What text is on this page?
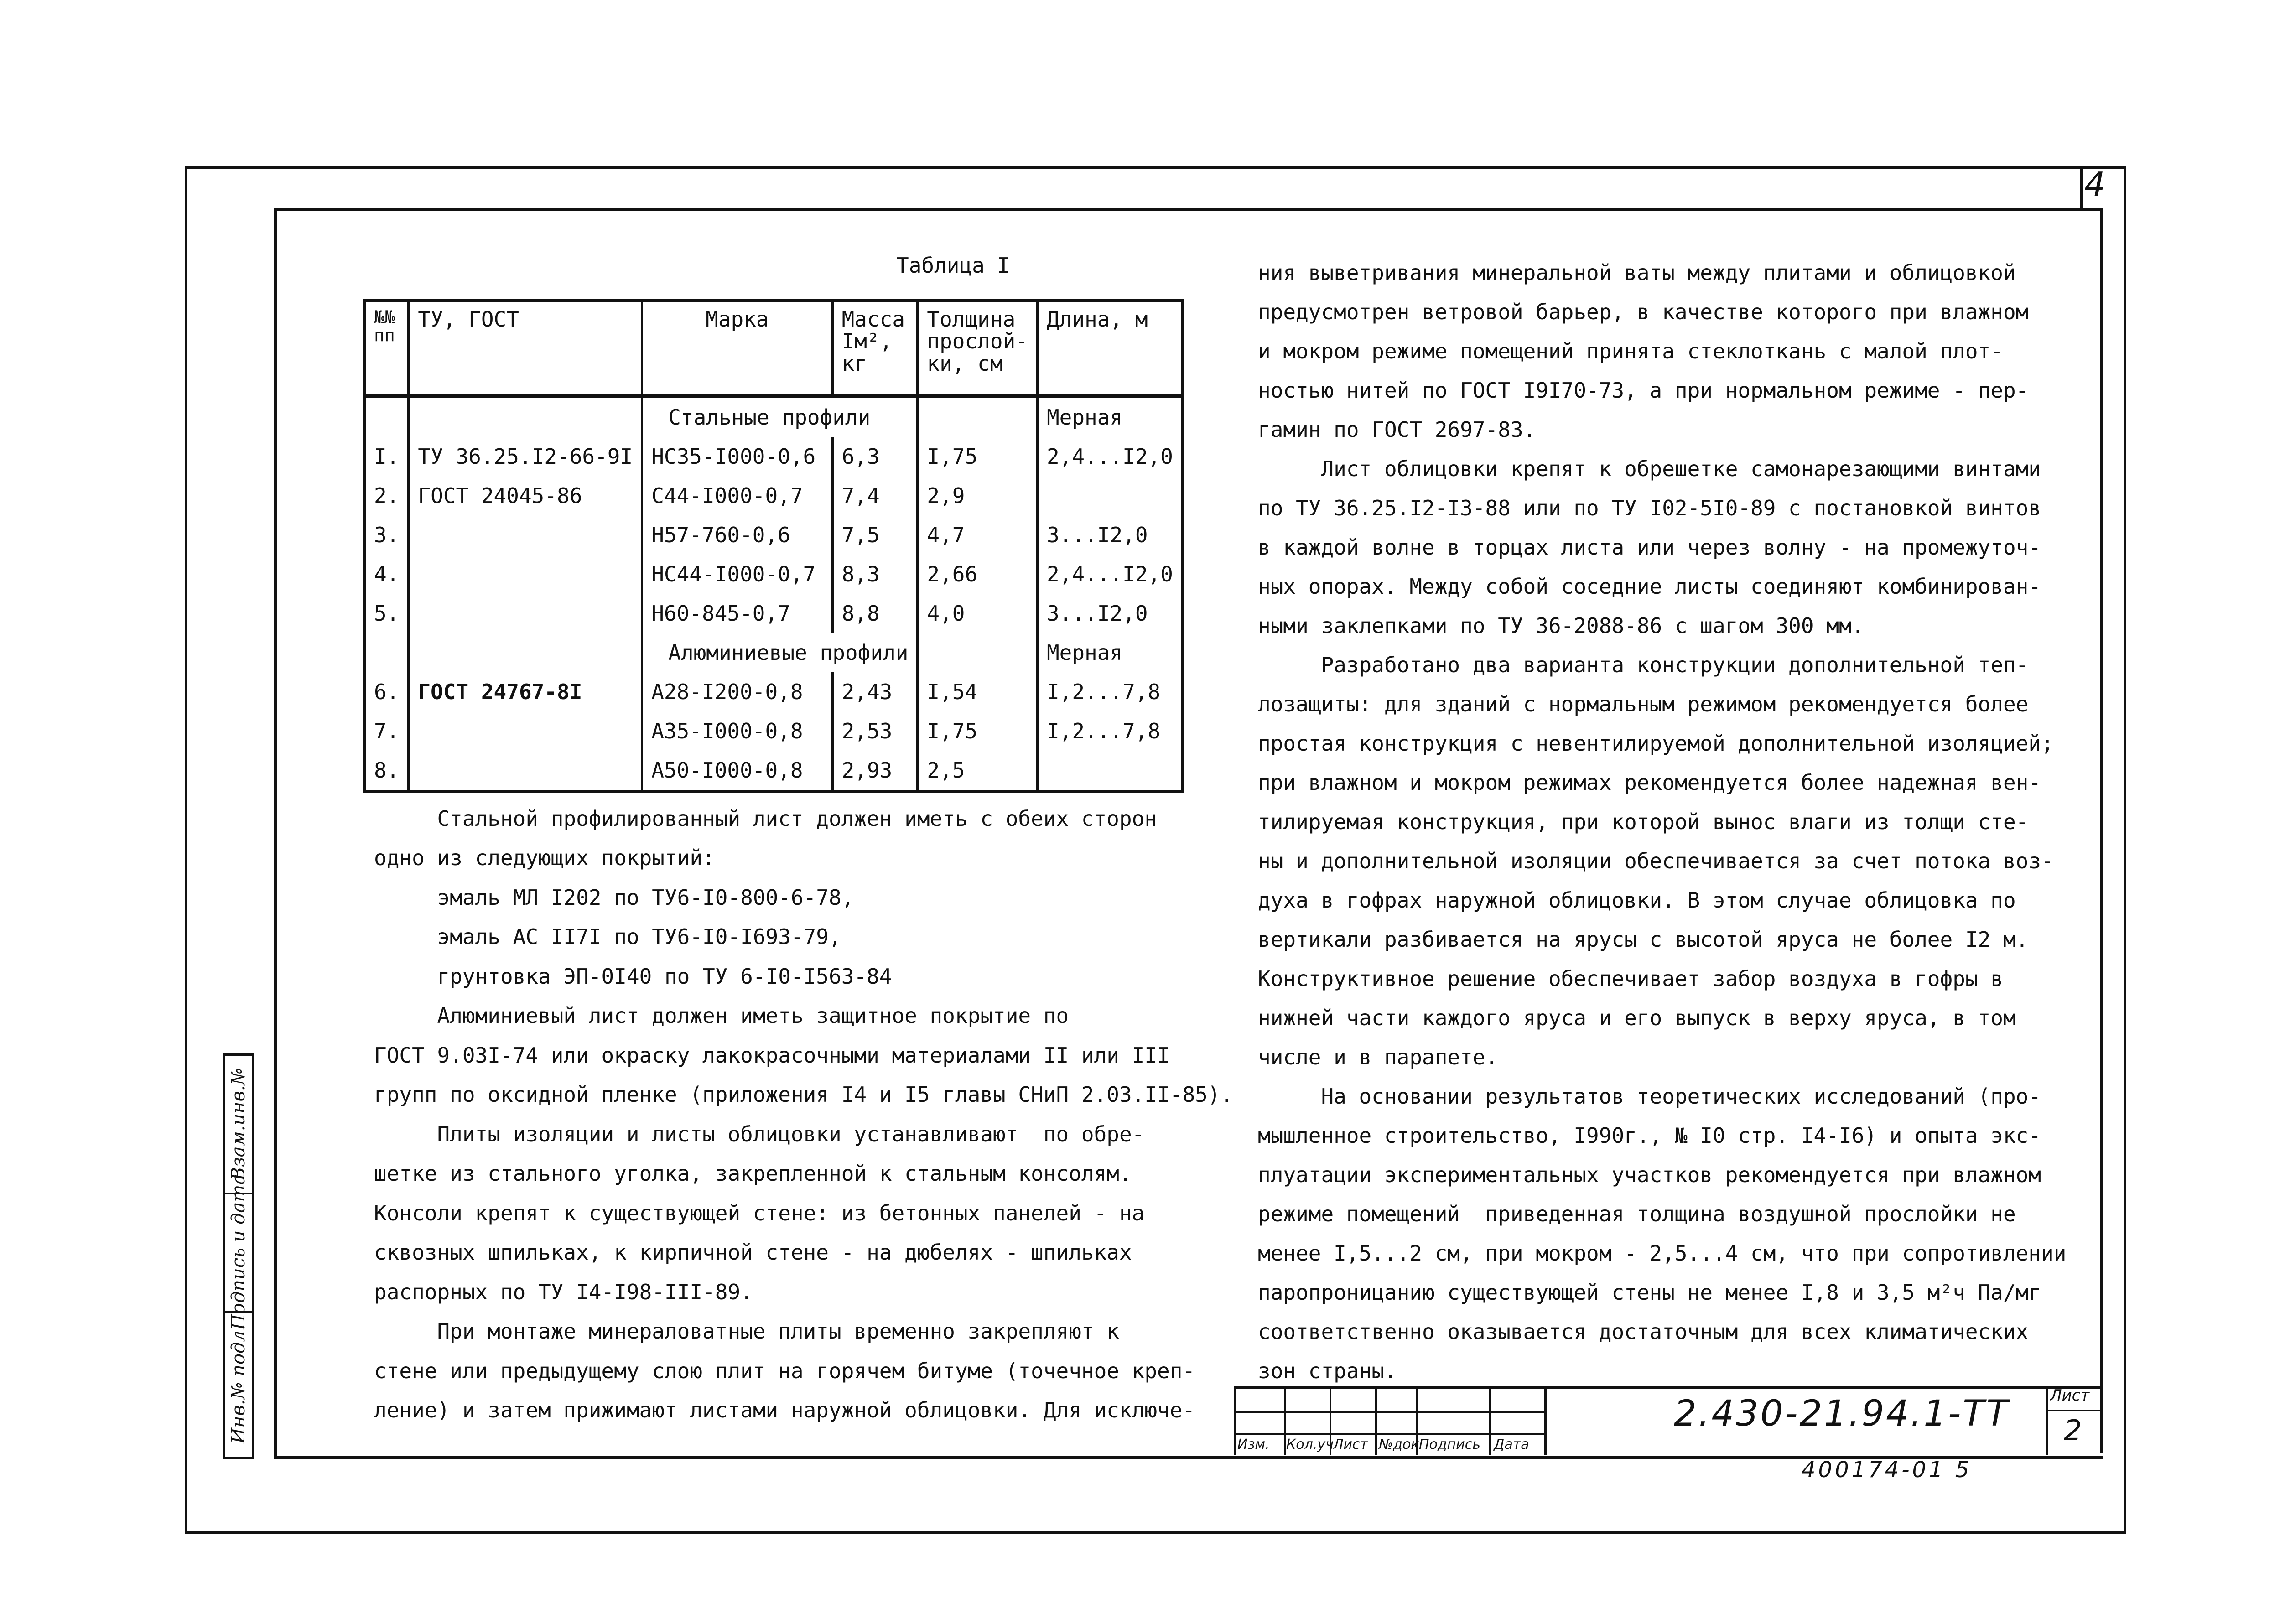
4
Инв.№ подл.
Подпись и дата
Взам.инв.№
Таблица I
№№ пп	ТУ, ГОСТ	Марка	Масса Iм², кг	Толщина прослой-ки, см	Длина, м
		Стальные профили			Мерная
I.	ТУ 36.25.I2-66-9I	НС35-I000-0,6	6,3	I,75	2,4...I2,0
2.	ГОСТ 24045-86	С44-I000-0,7	7,4	2,9	
3.		Н57-760-0,6	7,5	4,7	3...I2,0
4.		НС44-I000-0,7	8,3	2,66	2,4...I2,0
5.		Н60-845-0,7	8,8	4,0	3...I2,0
		Алюминиевые профили			Мерная
6.	ГОСТ 24767-8I	А28-I200-0,8	2,43	I,54	I,2...7,8
7.		А35-I000-0,8	2,53	I,75	I,2...7,8
8.		А50-I000-0,8	2,93	2,5	

Стальной профилированный лист должен иметь с обеих сторон

одно из следующих покрытий:

эмаль МЛ I202 по ТУ6-I0-800-6-78,

эмаль АС II7I по ТУ6-I0-I693-79,

грунтовка ЭП-0I40 по ТУ 6-I0-I563-84

Алюминиевый лист должен иметь защитное покрытие по

ГОСТ 9.03I-74 или окраску лакокрасочными материалами II или III

групп по оксидной пленке (приложения I4 и I5 главы СНиП 2.03.II-85).

Плиты изоляции и листы облицовки устанавливают  по обре-

шетке из стального уголка, закрепленной к стальным консолям.

Консоли крепят к существующей стене: из бетонных панелей - на

сквозных шпильках, к кирпичной стене - на дюбелях - шпильках

распорных по ТУ I4-I98-III-89.

При монтаже минераловатные плиты временно закрепляют к

стене или предыдущему слою плит на горячем битуме (точечное креп-

ление) и затем прижимают листами наружной облицовки. Для исключе-

ния выветривания минеральной ваты между плитами и облицовкой

предусмотрен ветровой барьер, в качестве которого при влажном

и мокром режиме помещений принята стеклоткань с малой плот-

ностью нитей по ГОСТ I9I70-73, а при нормальном режиме - пер-

гамин по ГОСТ 2697-83.

Лист облицовки крепят к обрешетке самонарезающими винтами

по ТУ 36.25.I2-I3-88 или по ТУ I02-5I0-89 с постановкой винтов

в каждой волне в торцах листа или через волну - на промежуточ-

ных опорах. Между собой соседние листы соединяют комбинирован-

ными заклепками по ТУ 36-2088-86 с шагом 300 мм.

Разработано два варианта конструкции дополнительной теп-

лозащиты: для зданий с нормальным режимом рекомендуется более

простая конструкция с невентилируемой дополнительной изоляцией;

при влажном и мокром режимах рекомендуется более надежная вен-

тилируемая конструкция, при которой вынос влаги из толщи сте-

ны и дополнительной изоляции обеспечивается за счет потока воз-

духа в гофрах наружной облицовки. В этом случае облицовка по

вертикали разбивается на ярусы с высотой яруса не более I2 м.

Конструктивное решение обеспечивает забор воздуха в гофры в

нижней части каждого яруса и его выпуск в верху яруса, в том

числе и в парапете.

На основании результатов теоретических исследований (про-

мышленное строительство, I990г., № I0 стр. I4-I6) и опыта экс-

плуатации экспериментальных участков рекомендуется при влажном

режиме помещений  приведенная толщина воздушной прослойки не

менее I,5...2 см, при мокром - 2,5...4 см, что при сопротивлении

паропроницанию существующей стены не менее I,8 и 3,5 м²ч Па/мг

соответственно оказывается достаточным для всех климатических

зон страны.

Изм. Кол.уч Лист №док Подпись Дата
2.430-21.94.1-ТТ	Лист
2
400174-01 5
